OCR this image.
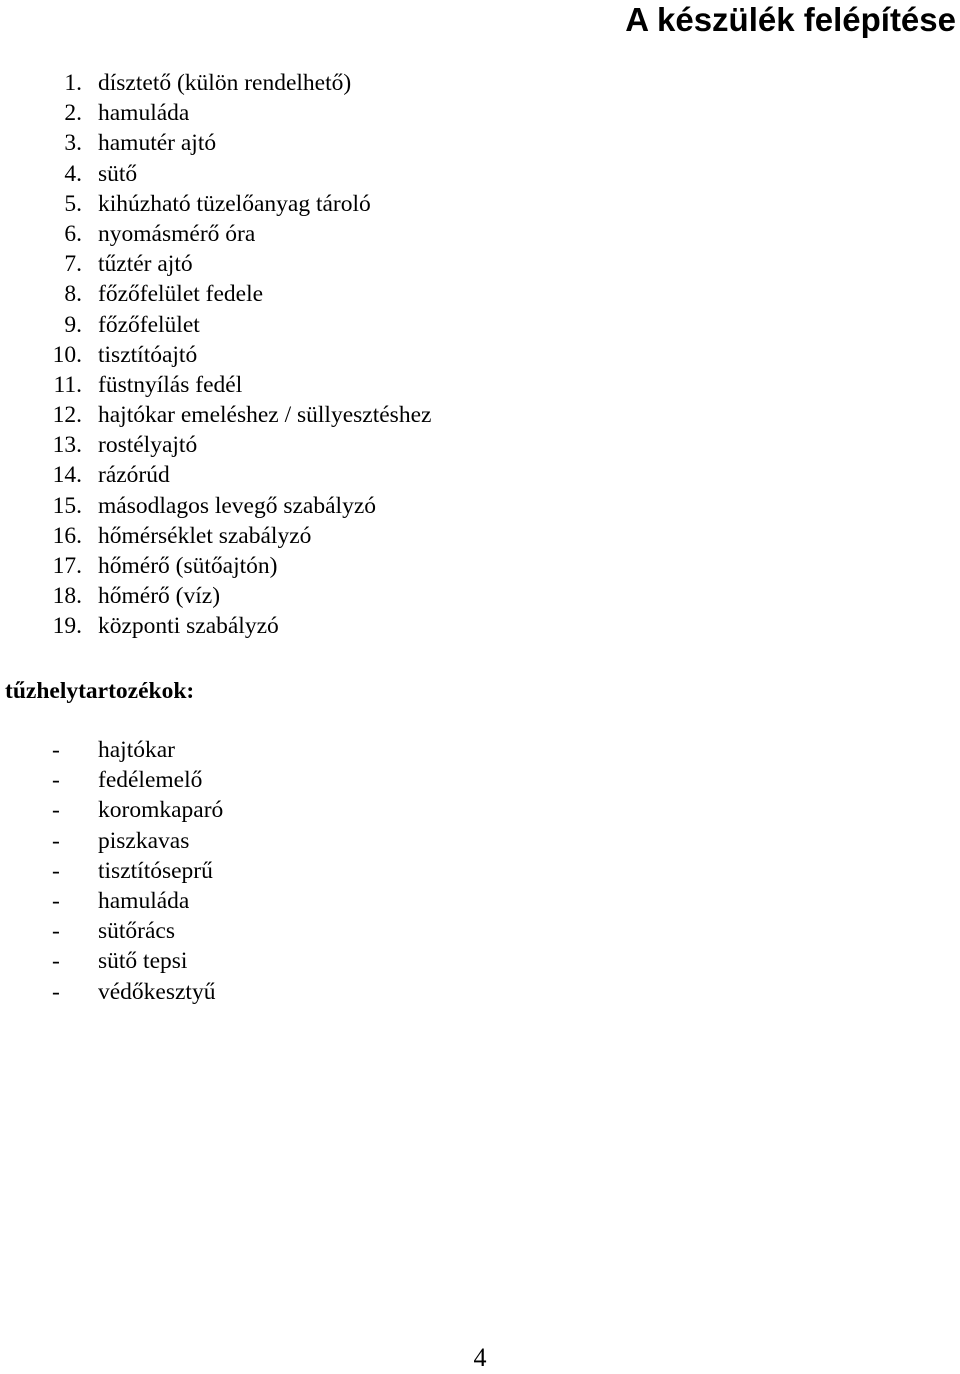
A készülék felépítése
1. dísztető (külön rendelhető)
2. hamuláda
3. hamutér ajtó
4. sütő
5. kihúzható tüzelőanyag tároló
6. nyomásmérő óra
7. tűztér ajtó
8. főzőfelület fedele
9. főzőfelület
10. tisztítóajtó
11. füstnyílás fedél
12. hajtókar emeléshez / süllyesztéshez
13. rostélyajtó
14. rázórúd
15. másodlagos levegő szabályzó
16. hőmérséklet szabályzó
17. hőmérő (sütőajtón)
18. hőmérő (víz)
19. központi szabályzó
tűzhelytartozékok:
- hajtókar
- fedélemelő
- koromkaparó
- piszkavas
- tisztítóseprű
- hamuláda
- sütőrács
- sütő tepsi
- védőkesztyű
4
